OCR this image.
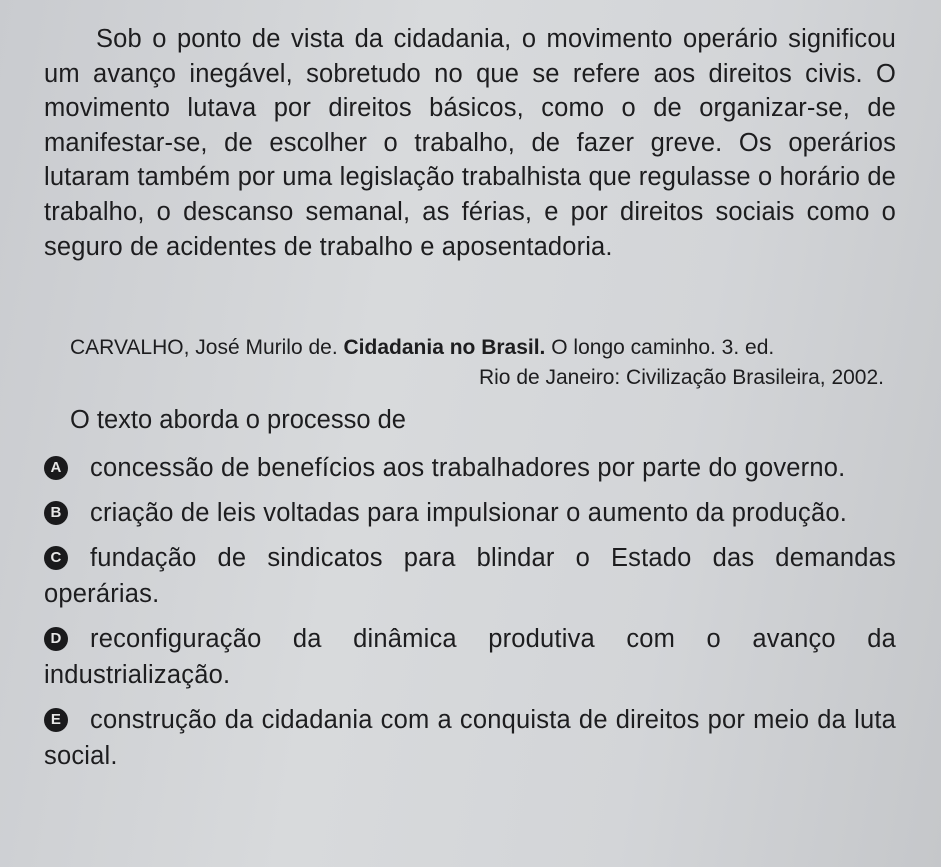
Sob o ponto de vista da cidadania, o movimento operário significou um avanço inegável, sobretudo no que se refere aos direitos civis. O movimento lutava por direitos básicos, como o de organizar-se, de manifestar-se, de escolher o trabalho, de fazer greve. Os operários lutaram também por uma legislação trabalhista que regulasse o horário de trabalho, o descanso semanal, as férias, e por direitos sociais como o seguro de acidentes de trabalho e aposentadoria.

CARVALHO, José Murilo de. Cidadania no Brasil. O longo caminho. 3. ed.
Rio de Janeiro: Civilização Brasileira, 2002.
O texto aborda o processo de
A concessão de benefícios aos trabalhadores por parte do governo.
B criação de leis voltadas para impulsionar o aumento da produção.
C fundação de sindicatos para blindar o Estado das demandas operárias.
D reconfiguração da dinâmica produtiva com o avanço da industrialização.
E construção da cidadania com a conquista de direitos por meio da luta social.
